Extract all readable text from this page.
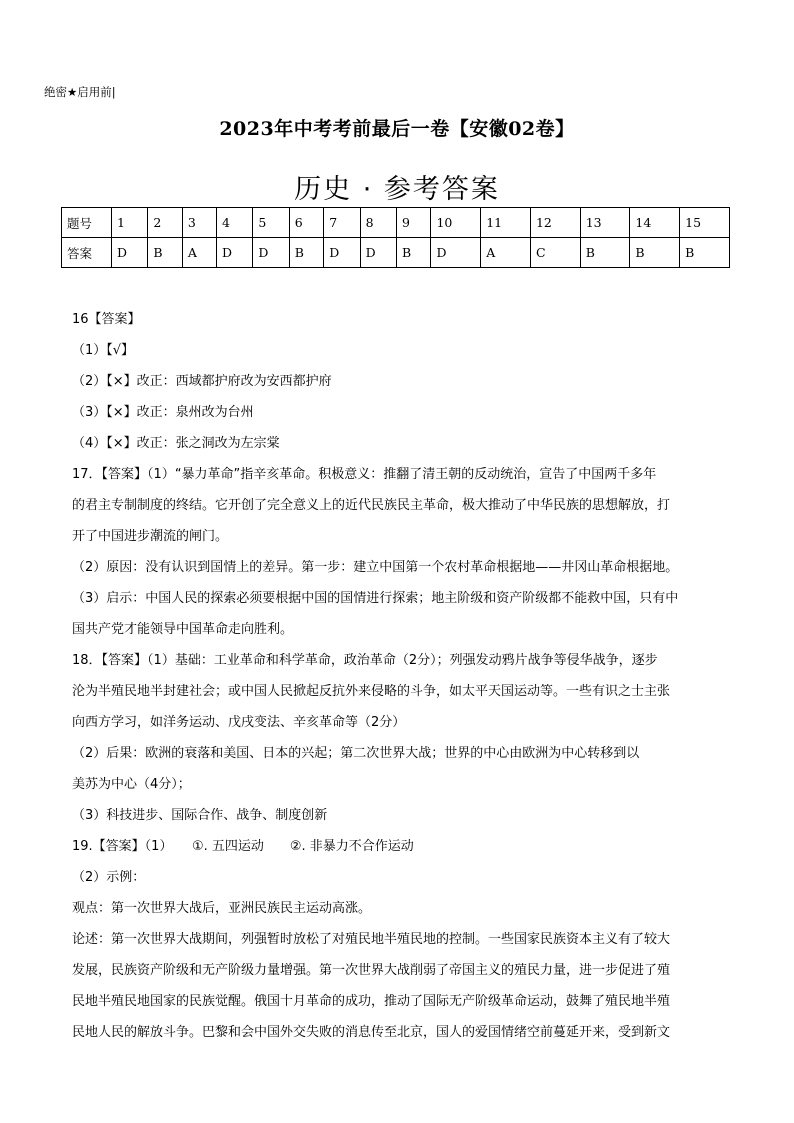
绝密★启用前|
2023年中考考前最后一卷【安徽02卷】
历史 · 参考答案
题号	1	2	3	4	5	6	7	8	9	10	11	12	13	14	15
答案	D	B	A	D	D	B	D	D	B	D	A	C	B	B	B

16【答案】

（1）【√】

（2）【×】改正：西域都护府改为安西都护府

（3）【×】改正：泉州改为台州

（4）【×】改正：张之洞改为左宗棠

17．【答案】（1）“暴力革命”指辛亥革命。积极意义：推翻了清王朝的反动统治，宣告了中国两千多年

的君主专制制度的终结。它开创了完全意义上的近代民族民主革命，极大推动了中华民族的思想解放，打

开了中国进步潮流的闸门。

（2）原因：没有认识到国情上的差异。第一步：建立中国第一个农村革命根据地——井冈山革命根据地。

（3）启示：中国人民的探索必须要根据中国的国情进行探索；地主阶级和资产阶级都不能救中国，只有中

国共产党才能领导中国革命走向胜利。

18．【答案】（1）基础：工业革命和科学革命，政治革命（2分）；列强发动鸦片战争等侵华战争，逐步

沦为半殖民地半封建社会；或中国人民掀起反抗外来侵略的斗争，如太平天国运动等。一些有识之士主张

向西方学习，如洋务运动、戊戌变法、辛亥革命等（2分）

（2）后果：欧洲的衰落和美国、日本的兴起；第二次世界大战；世界的中心由欧洲为中心转移到以

美苏为中心（4分）；

（3）科技进步、国际合作、战争、制度创新

19.【答案】（1）　　①. 五四运动　　②. 非暴力不合作运动

（2）示例：

观点：第一次世界大战后，亚洲民族民主运动高涨。

论述：第一次世界大战期间，列强暂时放松了对殖民地半殖民地的控制。一些国家民族资本主义有了较大

发展，民族资产阶级和无产阶级力量增强。第一次世界大战削弱了帝国主义的殖民力量，进一步促进了殖

民地半殖民地国家的民族觉醒。俄国十月革命的成功，推动了国际无产阶级革命运动，鼓舞了殖民地半殖

民地人民的解放斗争。巴黎和会中国外交失败的消息传至北京，国人的爱国情绪空前蔓延开来，受到新文
